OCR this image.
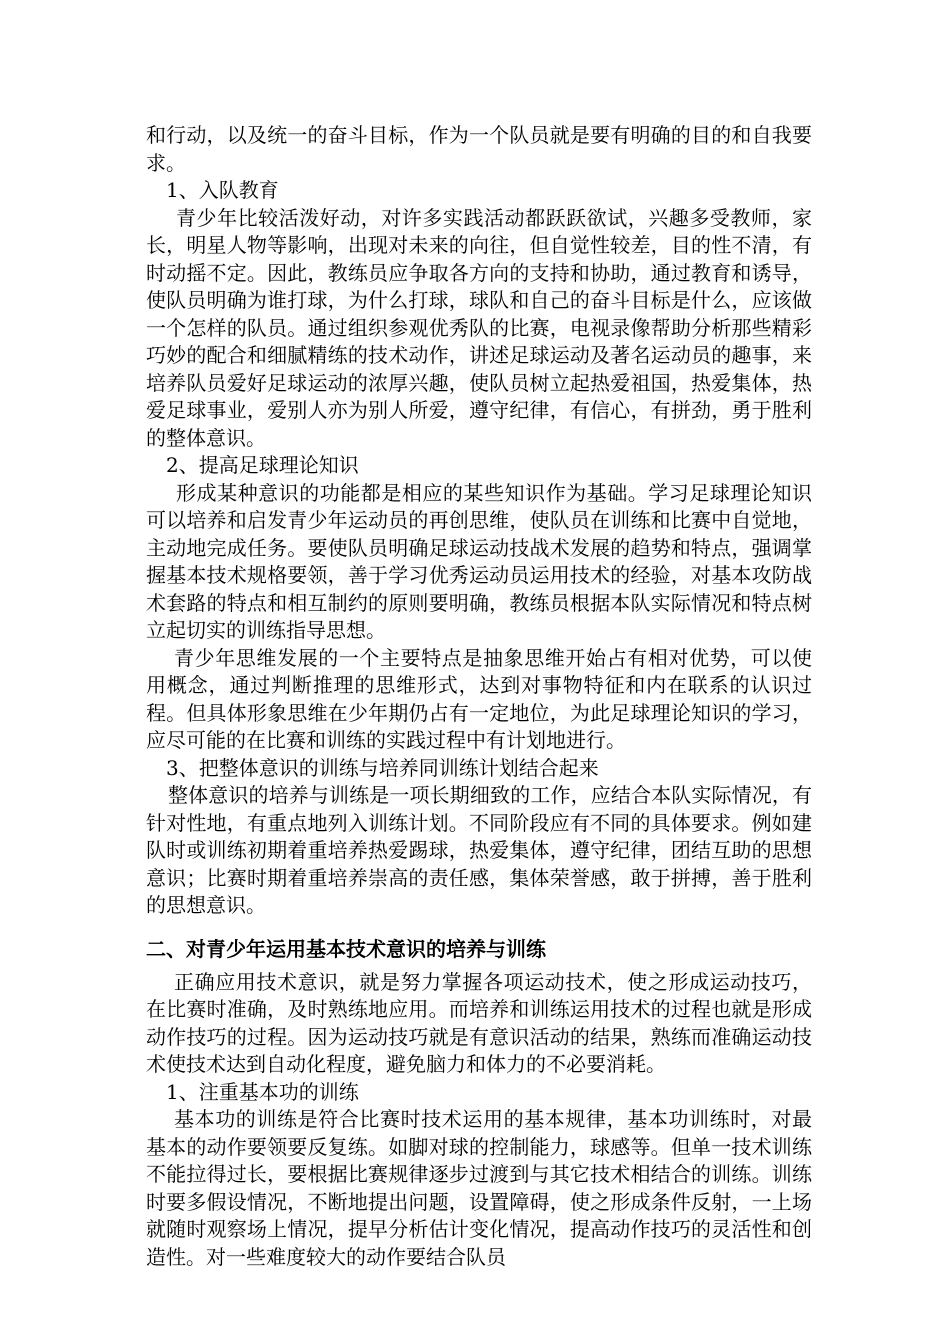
和行动，以及统一的奋斗目标，作为一个队员就是要有明确的目的和自我要求。

1、入队教育

青少年比较活泼好动，对许多实践活动都跃跃欲试，兴趣多受教师，家长，明星人物等影响，出现对未来的向往，但自觉性较差，目的性不清，有时动摇不定。因此，教练员应争取各方向的支持和协助，通过教育和诱导，使队员明确为谁打球，为什么打球，球队和自己的奋斗目标是什么，应该做一个怎样的队员。通过组织参观优秀队的比赛，电视录像帮助分析那些精彩巧妙的配合和细腻精练的技术动作，讲述足球运动及著名运动员的趣事，来培养队员爱好足球运动的浓厚兴趣，使队员树立起热爱祖国，热爱集体，热爱足球事业，爱别人亦为别人所爱，遵守纪律，有信心，有拼劲，勇于胜利的整体意识。

2、提高足球理论知识

形成某种意识的功能都是相应的某些知识作为基础。学习足球理论知识可以培养和启发青少年运动员的再创思维，使队员在训练和比赛中自觉地，主动地完成任务。要使队员明确足球运动技战术发展的趋势和特点，强调掌握基本技术规格要领，善于学习优秀运动员运用技术的经验，对基本攻防战术套路的特点和相互制约的原则要明确，教练员根据本队实际情况和特点树立起切实的训练指导思想。

青少年思维发展的一个主要特点是抽象思维开始占有相对优势，可以使用概念，通过判断推理的思维形式，达到对事物特征和内在联系的认识过程。但具体形象思维在少年期仍占有一定地位，为此足球理论知识的学习，应尽可能的在比赛和训练的实践过程中有计划地进行。

3、把整体意识的训练与培养同训练计划结合起来

整体意识的培养与训练是一项长期细致的工作，应结合本队实际情况，有针对性地，有重点地列入训练计划。不同阶段应有不同的具体要求。例如建队时或训练初期着重培养热爱踢球，热爱集体，遵守纪律，团结互助的思想意识；比赛时期着重培养崇高的责任感，集体荣誉感，敢于拼搏，善于胜利的思想意识。

二、对青少年运用基本技术意识的培养与训练

正确应用技术意识，就是努力掌握各项运动技术，使之形成运动技巧，在比赛时准确，及时熟练地应用。而培养和训练运用技术的过程也就是形成动作技巧的过程。因为运动技巧就是有意识活动的结果，熟练而准确运动技术使技术达到自动化程度，避免脑力和体力的不必要消耗。

1、注重基本功的训练

基本功的训练是符合比赛时技术运用的基本规律，基本功训练时，对最基本的动作要领要反复练。如脚对球的控制能力，球感等。但单一技术训练不能拉得过长，要根据比赛规律逐步过渡到与其它技术相结合的训练。训练时要多假设情况，不断地提出问题，设置障碍，使之形成条件反射，一上场就随时观察场上情况，提早分析估计变化情况，提高动作技巧的灵活性和创造性。对一些难度较大的动作要结合队员
